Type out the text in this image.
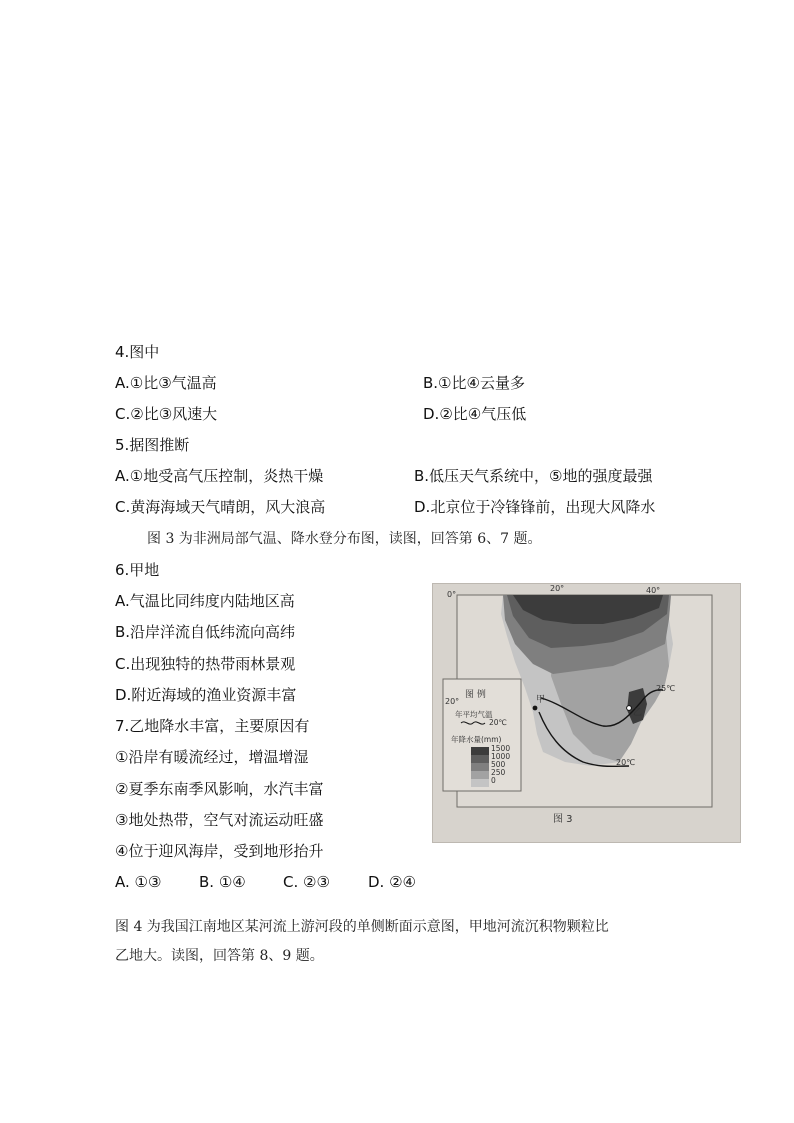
4.图中
A.①比③气温高	B.①比④云量多
C.②比③风速大	D.②比④气压低
5.据图推断
A.①地受高气压控制，炎热干燥	B.低压天气系统中，⑤地的强度最强
C.黄海海域天气晴朗，风大浪高	D.北京位于冷锋锋前，出现大风降水
图 3 为非洲局部气温、降水登分布图，读图，回答第 6、7 题。
6.甲地
A.气温比同纬度内陆地区高
B.沿岸洋流自低纬流向高纬
C.出现独特的热带雨林景观
D.附近海域的渔业资源丰富
7.乙地降水丰富，主要原因有
①沿岸有暖流经过，增温增湿
②夏季东南季风影响，水汽丰富
③地处热带，空气对流运动旺盛
④位于迎风海岸，受到地形抬升
A. ①③	B. ①④ C. ②③	D. ②④
0°
20°	40°
20°	甲
乙
25℃
20℃
图 例
年平均气温
20℃
年降水量(mm)
1500
1000
500
250
0
图 3
图 4 为我国江南地区某河流上游河段的单侧断面示意图，甲地河流沉积物颗粒比
乙地大。读图，回答第 8、9 题。
